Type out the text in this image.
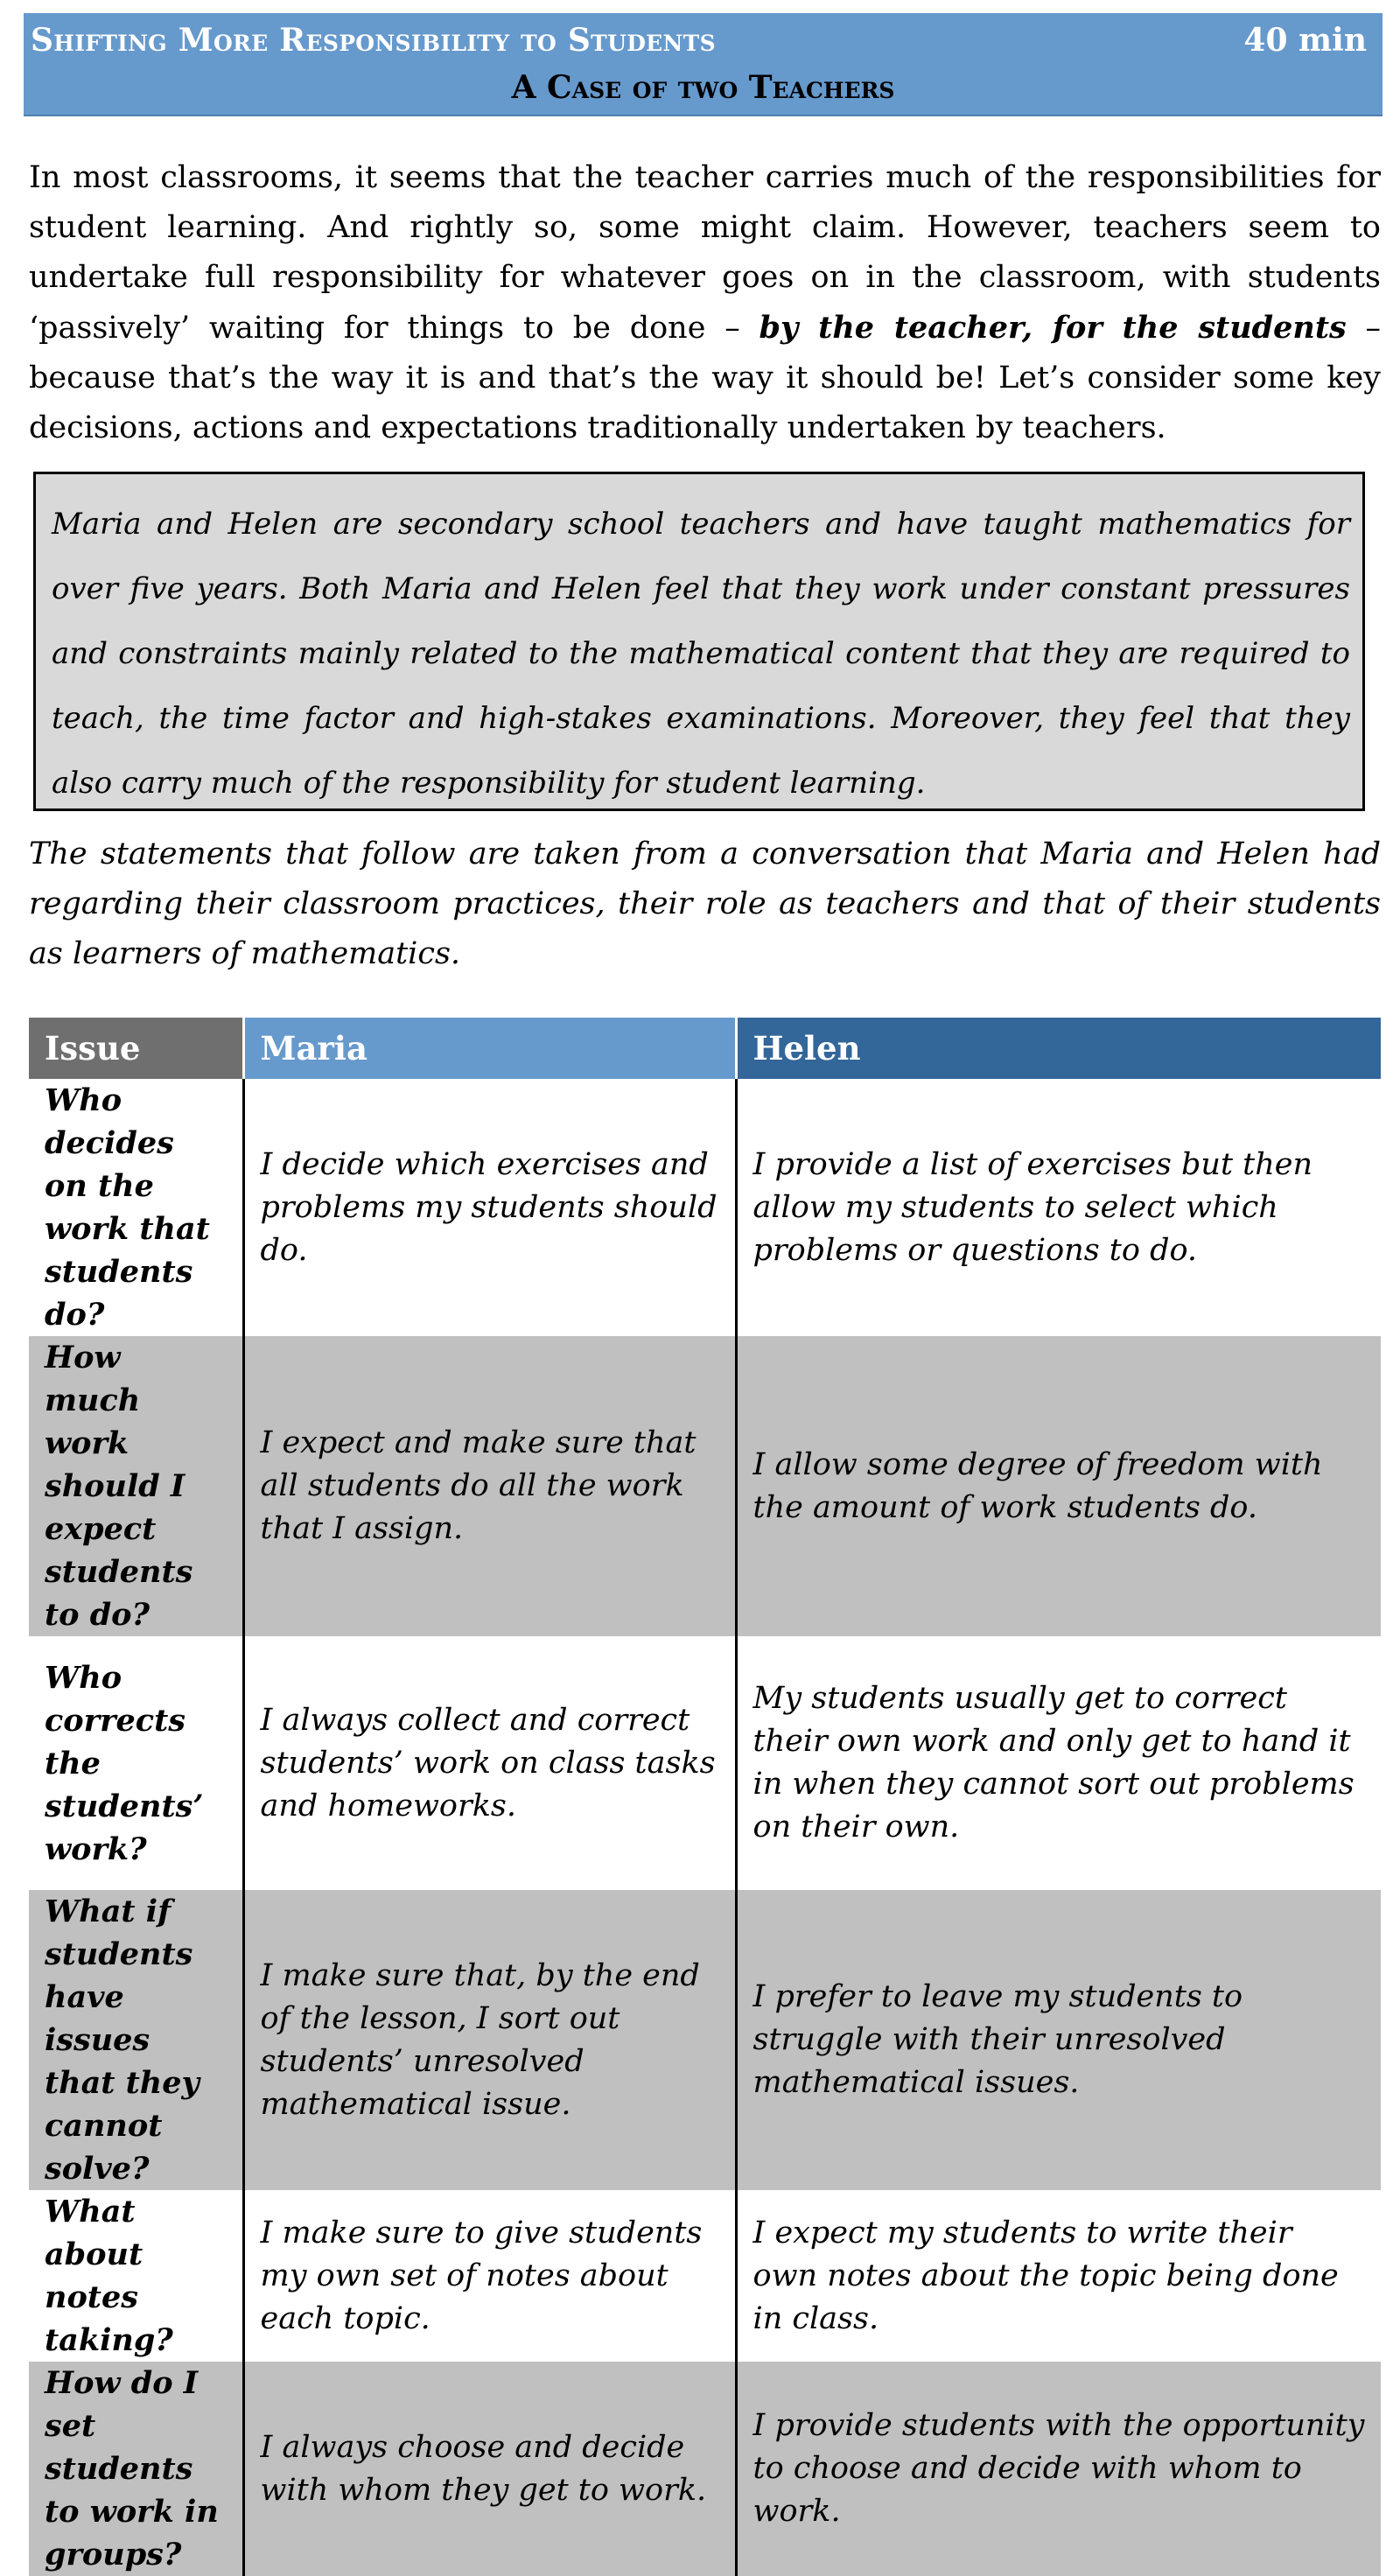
Shifting More Responsibility to Students	40 min
A Case of two Teachers

In most classrooms, it seems that the teacher carries much of the responsibilities for student learning. And rightly so, some might claim. However, teachers seem to undertake full responsibility for whatever goes on in the classroom, with students ‘passively’ waiting for things to be done – by the teacher, for the students – because that’s the way it is and that’s the way it should be! Let’s consider some key decisions, actions and expectations traditionally undertaken by teachers.

Maria and Helen are secondary school teachers and have taught mathematics for over five years. Both Maria and Helen feel that they work under constant pressures and constraints mainly related to the mathematical content that they are required to teach, the time factor and high-stakes examinations. Moreover, they feel that they also carry much of the responsibility for student learning.

The statements that follow are taken from a conversation that Maria and Helen had regarding their classroom practices, their role as teachers and that of their students as learners of mathematics.

Issue	Maria	Helen
Who decides on the work that students do?	I decide which exercises and problems my students should do.	I provide a list of exercises but then allow my students to select which problems or questions to do.
How much work should I expect students to do?	I expect and make sure that all students do all the work that I assign.	I allow some degree of freedom with the amount of work students do.
Who corrects the students’ work?	I always collect and correct students’ work on class tasks and homeworks.	My students usually get to correct their own work and only get to hand it in when they cannot sort out problems on their own.
What if students have issues that they cannot solve?	I make sure that, by the end of the lesson, I sort out students’ unresolved mathematical issue.	I prefer to leave my students to struggle with their unresolved mathematical issues.
What about notes taking?	I make sure to give students my own set of notes about each topic.	I expect my students to write their own notes about the topic being done in class.
How do I set students to work in groups?	I always choose and decide with whom they get to work.	I provide students with the opportunity to choose and decide with whom to work.
